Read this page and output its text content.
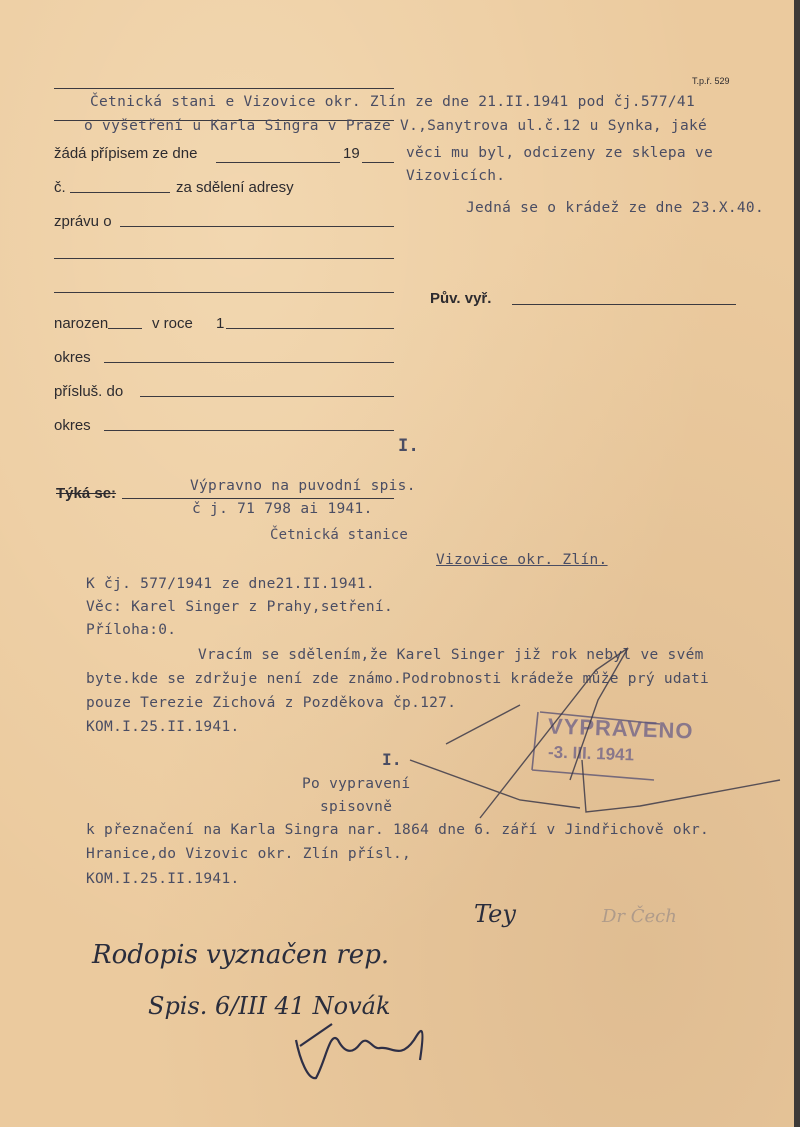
T.p.ř. 529
Četnická stani e Vizovice okr. Zlín ze dne 21.II.1941 pod čj.577/41
o vyšetření u Karla Singra v Praze V.,Sanytrova ul.č.12 u Synka, jaké
žádá přípisem ze dne	19	věci mu byl, odcizeny ze sklepa ve
Vizovicích.
č.	za sdělení adresy
Jedná se o krádež ze dne 23.X.40.
zprávu o
Pův. vyř.
narozen	v roce 1
okres
přísluš. do
okres
I.
Týká se:	Výpravno na puvodní spis.
č j. 71 798 ai 1941.
Četnická stanice
Vizovice okr. Zlín.
K čj. 577/1941 ze dne21.II.1941.
Věc: Karel Singer z Prahy,setření.
Příloha:0.
Vracím se sdělením,že Karel Singer již rok nebyl ve svém
byte.kde se zdržuje není zde známo.Podrobnosti krádeže může prý udati
pouze Terezie Zichová z Pozděkova čp.127.
KOM.I.25.II.1941.	VYPRAVENO
-3. III. 1941
I.
Po vypravení
spisovně
k přeznačení na Karla Singra nar. 1864 dne 6. září v Jindřichově okr.
Hranice,do Vizovic okr. Zlín přísl.,
KOM.I.25.II.1941.
Tey	Dr Čech
Rodopis vyznačen rep.
Spis. 6/III 41 Novák
